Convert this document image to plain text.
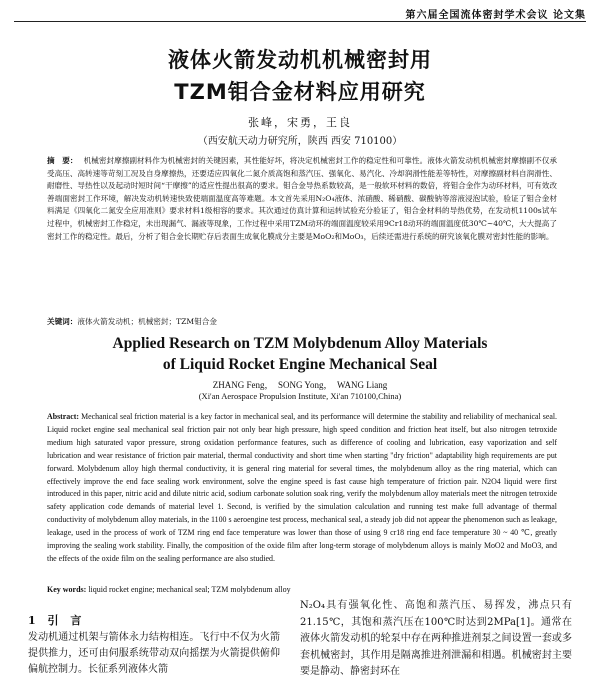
第六届全国流体密封学术会议 论文集
液体火箭发动机机械密封用
TZM钼合金材料应用研究
张峰，宋勇，王良
（西安航天动力研究所，陕西 西安 710100）
摘　要： 机械密封摩擦副材料作为机械密封的关键因素，其性能好坏，将决定机械密封工作的稳定性和可靠性。液体火箭发动机机械密封摩擦副不仅承受高压、高转速等苛刻工况及自身摩擦热，还要适应四氧化二氮介质高饱和蒸汽压、强氧化、易汽化、冷却润滑性能差等特性，对摩擦副材料自润滑性、耐磨性、导热性以及起动时短时间“干摩擦”的适应性提出很高的要求。钼合金导热系数较高，是一般软环材料的数倍，将钼合金作为动环材料，可有效改善端面密封工作环境，解决发动机转速快致使端面温度高等难题。本文首先采用N₂O₄液体、浓硝酸、稀硝酸、碳酸钠等溶液浸泡试验，验证了钼合金材料满足《四氧化二氮安全应用准则》要求材料1级相容的要求。其次通过仿真计算和运转试验充分验证了，钼合金材料的导热优势，在发动机1100s试车过程中，机械密封工作稳定，未出现漏气、漏液等现象，工作过程中采用TZM动环的端面温度较采用9Cr18动环的端面温度低30℃~40℃，大大提高了密封工作的稳定性。最后，分析了钼合金长期贮存后表面生成氧化膜成分主要是MoO₂和MoO₃，后续还需进行系统的研究该氧化膜对密封性能的影响。
关键词：液体火箭发动机；机械密封；TZM钼合金
Applied Research on TZM Molybdenum Alloy Materials
of Liquid Rocket Engine Mechanical Seal
ZHANG Feng，　SONG Yong，　WANG Liang
(Xi'an Aerospace Propulsion Institute, Xi'an 710100,China)
Abstract: Mechanical seal friction material is a key factor in mechanical seal, and its performance will determine the stability and reliability of mechanical seal. Liquid rocket engine seal mechanical seal friction pair not only bear high pressure, high speed condition and friction heat itself, but also nitrogen tetroxide medium high saturated vapor pressure, strong oxidation performance features, such as difference of cooling and lubrication, easy vaporization and self lubrication and wear resistance of friction pair material, thermal conductivity and short time when starting "dry friction" adaptability high requirements are put forward. Molybdenum alloy high thermal conductivity, it is general ring material for several times, the molybdenum alloy as the ring material, which can effectively improve the end face sealing work environment, solve the engine speed is fast cause high temperature of friction pair. N2O4 liquid were first introduced in this paper, nitric acid and dilute nitric acid, sodium carbonate solution soak ring, verify the molybdenum alloy materials meet the nitrogen tetroxide safety application code demands of material level 1. Second, is verified by the simulation calculation and running test make full advantage of thermal conductivity of molybdenum alloy materials, in the 1100 s aeroengine test process, mechanical seal, a steady job did not appear the phenomenon such as leakage, leakage, used in the process of work of TZM ring end face temperature was lower than those of using 9 cr18 ring end face temperature 30 ~ 40 ℃, greatly improving the sealing work stability. Finally, the composition of the oxide film after long-term storage of molybdenum alloys is mainly MoO2 and MoO3, and the effects of the oxide film on the sealing performance are also studied.
Key words: liquid rocket engine; mechanical seal; TZM molybdenum alloy
1 引 言

发动机通过机架与箭体永力结构相连。飞行中不仅为火箭提供推力，还可由伺服系统带动双向摇摆为火箭提供俯仰偏航控制力。长征系列液体火箭

N₂O₄具有强氧化性、高饱和蒸汽压、易挥发，沸点只有21.15℃，其饱和蒸汽压在100℃时达到2MPa[1]。通常在液体火箭发动机的轮泵中存在两种推进剂泵之间设置一套或多套机械密封，其作用是隔离推进剂泄漏和相遇。机械密封主要要是静动、静密封环在
